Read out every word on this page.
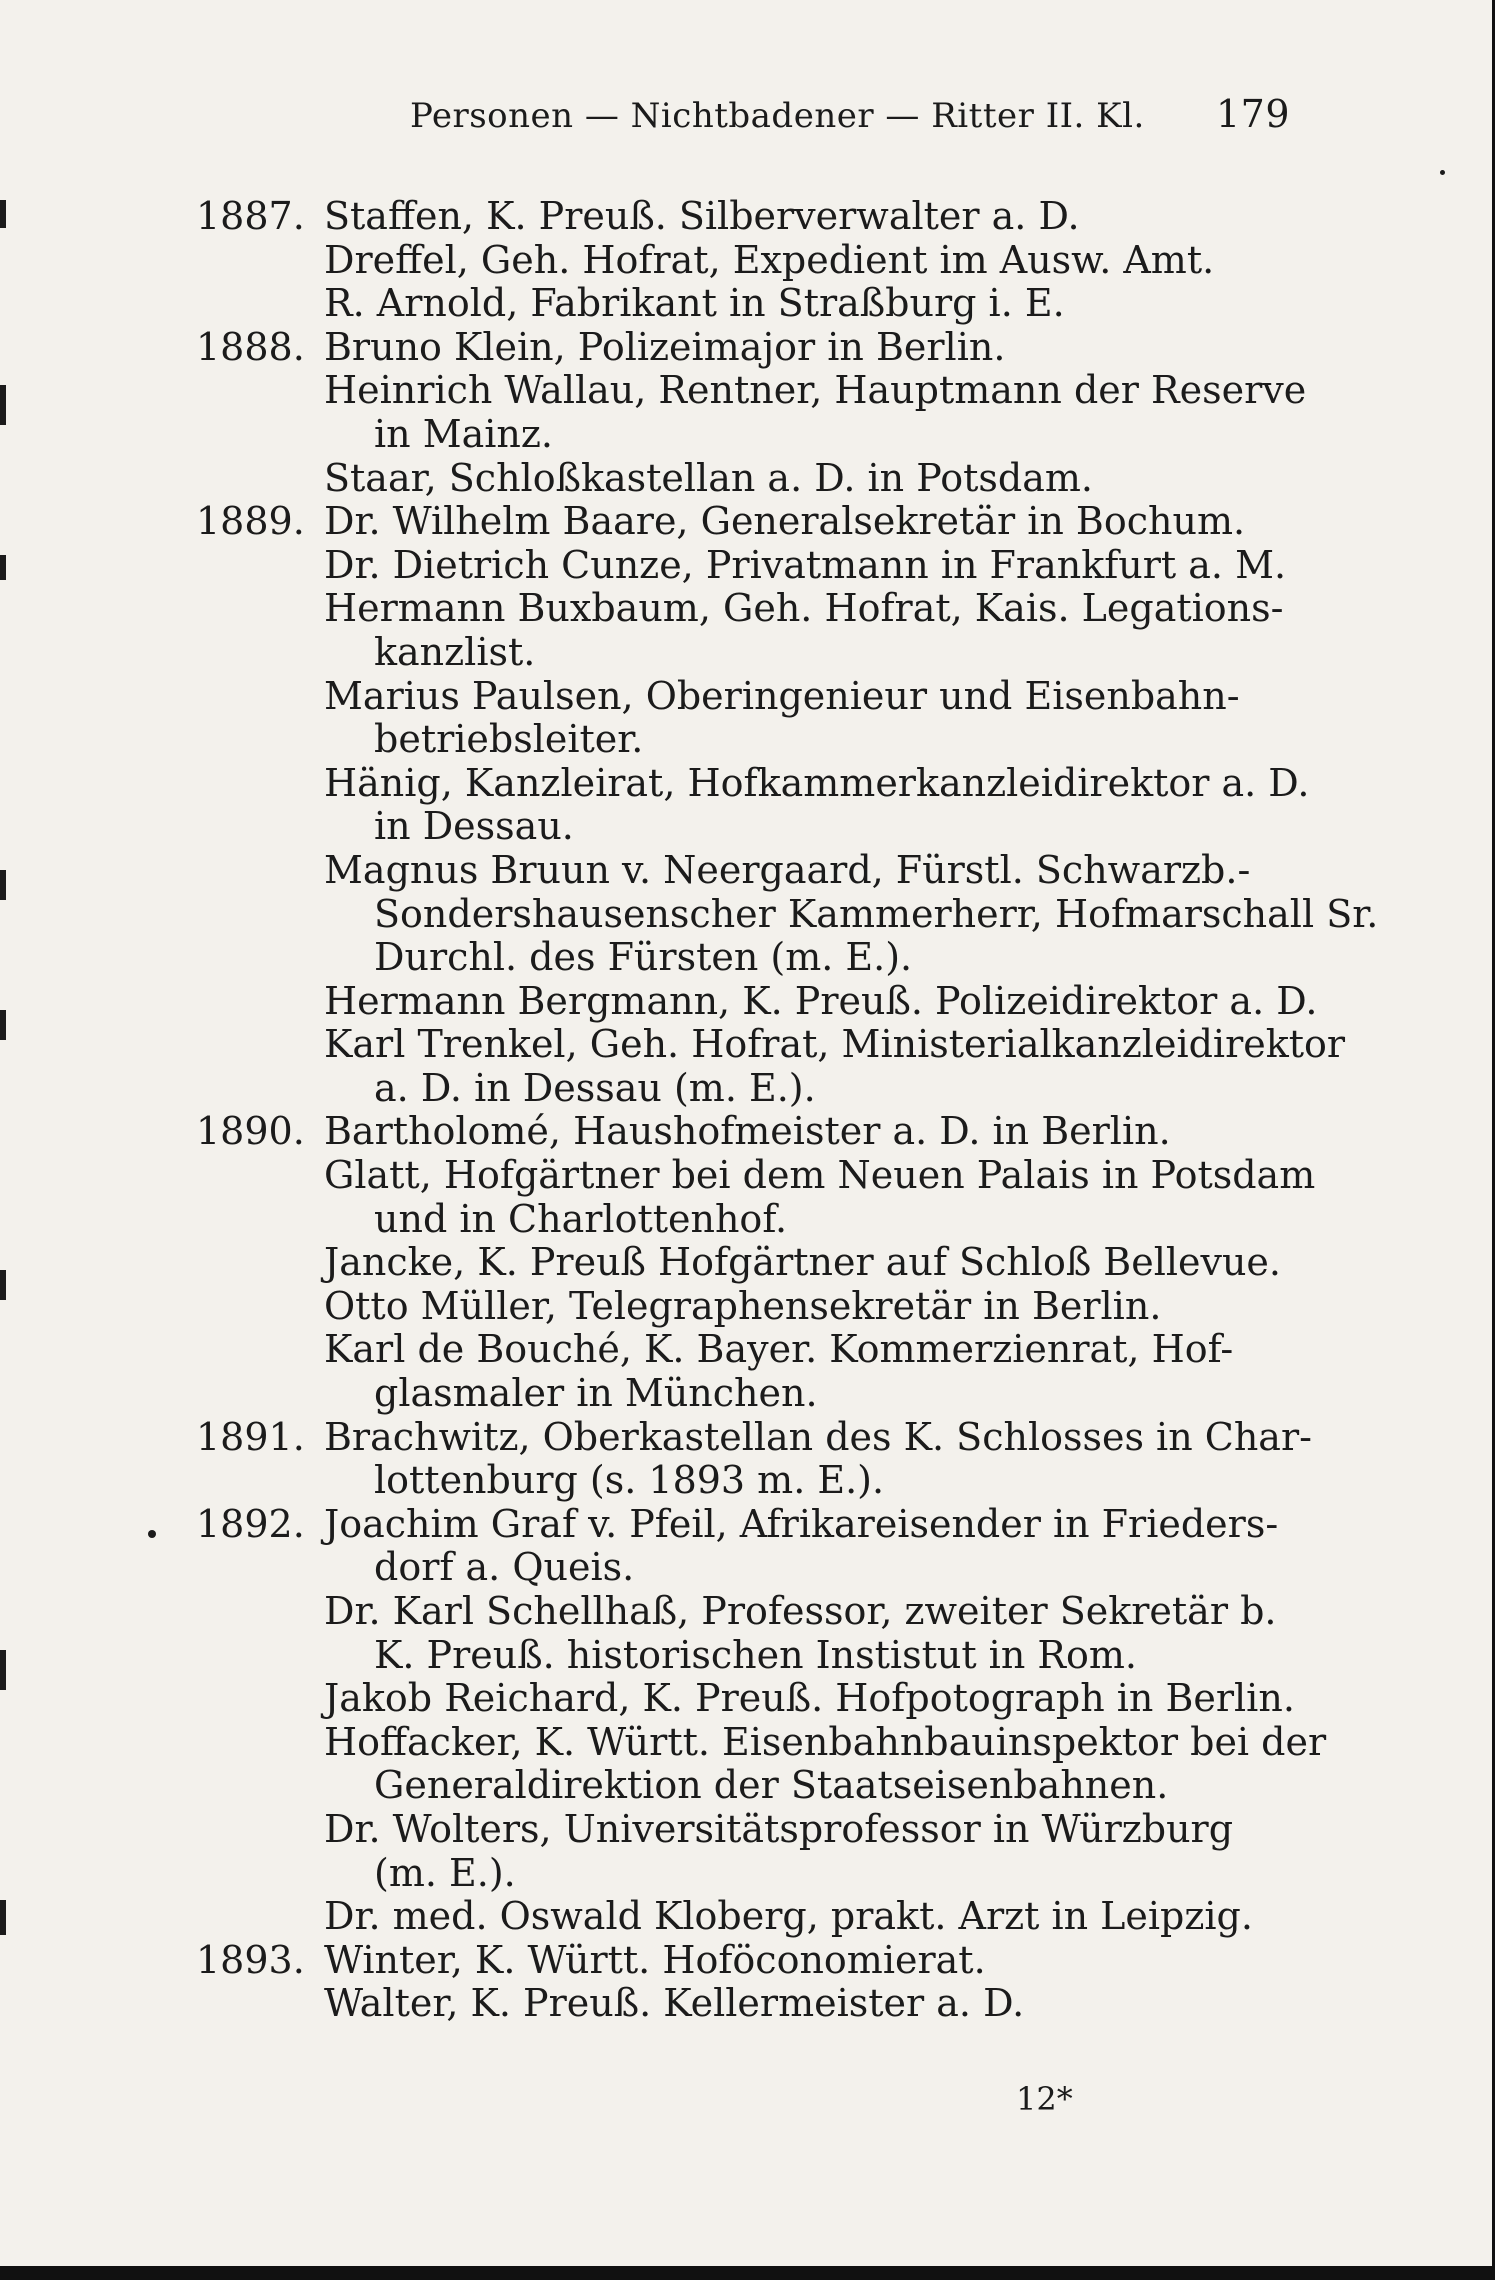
Personen — Nichtbadener — Ritter II. Kl. 179
1887. Staffen, K. Preuß. Silberverwalter a. D.
Dreffel, Geh. Hofrat, Expedient im Ausw. Amt.
R. Arnold, Fabrikant in Straßburg i. E.
1888. Bruno Klein, Polizeimajor in Berlin.
Heinrich Wallau, Rentner, Hauptmann der Reserve
in Mainz.
Staar, Schloßkastellan a. D. in Potsdam.
1889. Dr. Wilhelm Baare, Generalsekretär in Bochum.
Dr. Dietrich Cunze, Privatmann in Frankfurt a. M.
Hermann Buxbaum, Geh. Hofrat, Kais. Legations-
kanzlist.
Marius Paulsen, Oberingenieur und Eisenbahn-
betriebsleiter.
Hänig, Kanzleirat, Hofkammerkanzleidirektor a. D.
in Dessau.
Magnus Bruun v. Neergaard, Fürstl. Schwarzb.-
Sondershausenscher Kammerherr, Hofmarschall Sr.
Durchl. des Fürsten (m. E.).
Hermann Bergmann, K. Preuß. Polizeidirektor a. D.
Karl Trenkel, Geh. Hofrat, Ministerialkanzleidirektor
a. D. in Dessau (m. E.).
1890. Bartholomé, Haushofmeister a. D. in Berlin.
Glatt, Hofgärtner bei dem Neuen Palais in Potsdam
und in Charlottenhof.
Jancke, K. Preuß Hofgärtner auf Schloß Bellevue.
Otto Müller, Telegraphensekretär in Berlin.
Karl de Bouché, K. Bayer. Kommerzienrat, Hof-
glasmaler in München.
1891. Brachwitz, Oberkastellan des K. Schlosses in Char-
lottenburg (s. 1893 m. E.).
1892. Joachim Graf v. Pfeil, Afrikareisender in Frieders-
dorf a. Queis.
Dr. Karl Schellhaß, Professor, zweiter Sekretär b.
K. Preuß. historischen Instistut in Rom.
Jakob Reichard, K. Preuß. Hofpotograph in Berlin.
Hoffacker, K. Württ. Eisenbahnbauinspektor bei der
Generaldirektion der Staatseisenbahnen.
Dr. Wolters, Universitätsprofessor in Würzburg
(m. E.).
Dr. med. Oswald Kloberg, prakt. Arzt in Leipzig.
1893. Winter, K. Württ. Hoföconomierat.
Walter, K. Preuß. Kellermeister a. D.
12*
